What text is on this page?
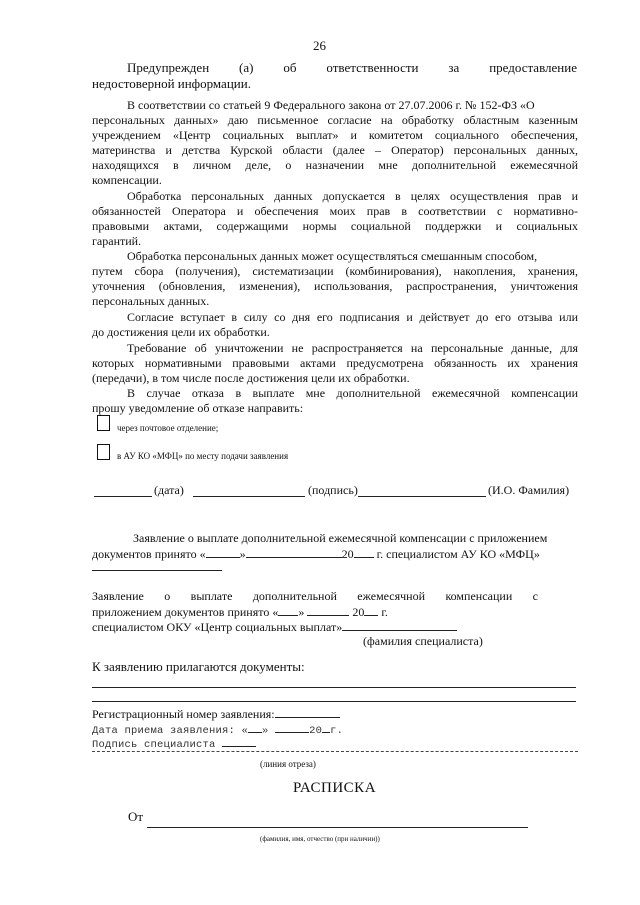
26
Предупрежден (а) об ответственности за предоставление
недостоверной информации.
В соответствии со статьей 9 Федерального закона от 27.07.2006 г. № 152-ФЗ «О
персональных данных» даю письменное согласие на обработку областным казенным
учреждением «Центр социальных выплат» и комитетом социального обеспечения,
материнства и детства Курской области (далее – Оператор) персональных данных,
находящихся в личном деле, о назначении мне дополнительной ежемесячной
компенсации.
Обработка персональных данных допускается в целях осуществления прав и
обязанностей Оператора и обеспечения моих прав в соответствии с нормативно-
правовыми актами, содержащими нормы социальной поддержки и социальных
гарантий.
Обработка персональных данных может осуществляться смешанным способом,
путем сбора (получения), систематизации (комбинирования), накопления, хранения,
уточнения (обновления, изменения), использования, распространения, уничтожения
персональных данных.
Согласие вступает в силу со дня его подписания и действует до его отзыва или
до достижения цели их обработки.
Требование об уничтожении не распространяется на персональные данные, для
которых нормативными правовыми актами предусмотрена обязанность их хранения
(передачи), в том числе после достижения цели их обработки.
В случае отказа в выплате мне дополнительной ежемесячной компенсации
прошу уведомление об отказе направить:
через почтовое отделение;
в АУ КО «МФЦ» по месту подачи заявления
(дата)	(подпись)	(И.О. Фамилия)
Заявление о выплате дополнительной ежемесячной компенсации с приложением
документов принято «	»	20 г. специалистом АУ КО «МФЦ»
Заявление о выплате дополнительной ежемесячной компенсации с
приложением документов принято « »	20 г.
специалистом ОКУ «Центр социальных выплат»
(фамилия специалиста)
К заявлению прилагаются документы:
Регистрационный номер заявления:
Дата приема заявления: « »	20 г.
Подпись специалиста
(линия отреза)
РАСПИСКА
От
(фамилия, имя, отчество (при наличии))
